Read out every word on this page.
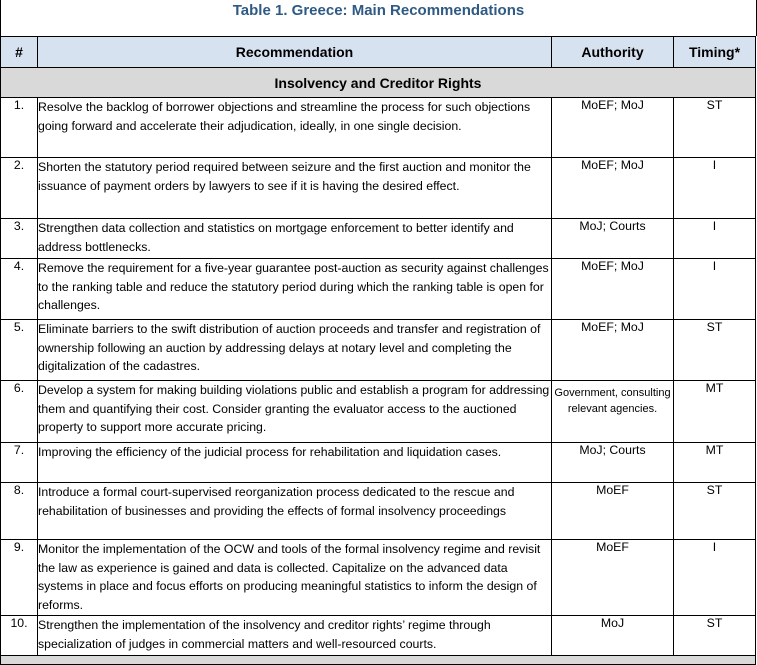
Table 1. Greece: Main Recommendations
#	Recommendation	Authority	Timing*
Insolvency and Creditor Rights			
1.	Resolve the backlog of borrower objections and streamline the process for such objections going forward and accelerate their adjudication, ideally, in one single decision.	MoEF; MoJ	ST
2.	Shorten the statutory period required between seizure and the first auction and monitor the issuance of payment orders by lawyers to see if it is having the desired effect.	MoEF; MoJ	I
3.	Strengthen data collection and statistics on mortgage enforcement to better identify and address bottlenecks.	MoJ; Courts	I
4.	Remove the requirement for a five-year guarantee post-auction as security against challenges to the ranking table and reduce the statutory period during which the ranking table is open for challenges.	MoEF; MoJ	I
5.	Eliminate barriers to the swift distribution of auction proceeds and transfer and registration of ownership following an auction by addressing delays at notary level and completing the digitalization of the cadastres.	MoEF; MoJ	ST
6.	Develop a system for making building violations public and establish a program for addressing them and quantifying their cost. Consider granting the evaluator access to the auctioned property to support more accurate pricing.	Government, consulting relevant agencies.	MT
7.	Improving the efficiency of the judicial process for rehabilitation and liquidation cases.	MoJ; Courts	MT
8.	Introduce a formal court-supervised reorganization process dedicated to the rescue and rehabilitation of businesses and providing the effects of formal insolvency proceedings	MoEF	ST
9.	Monitor the implementation of the OCW and tools of the formal insolvency regime and revisit the law as experience is gained and data is collected. Capitalize on the advanced data systems in place and focus efforts on producing meaningful statistics to inform the design of reforms.	MoEF	I
10.	Strengthen the implementation of the insolvency and creditor rights’ regime through specialization of judges in commercial matters and well-resourced courts.	MoJ	ST
